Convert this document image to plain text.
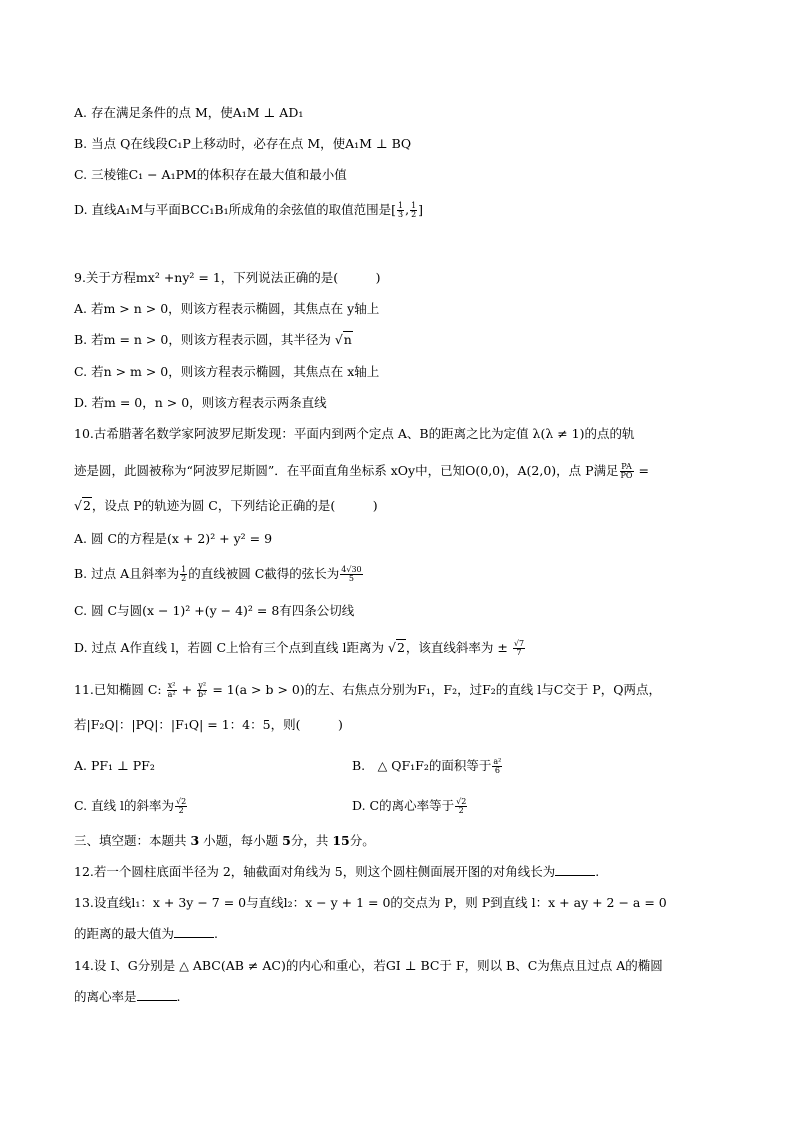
A. 存在满足条件的点 M，使A₁M ⊥ AD₁
B. 当点 Q在线段C₁P上移动时，必存在点 M，使A₁M ⊥ BQ
C. 三棱锥C₁ − A₁PM的体积存在最大值和最小值
D. 直线A₁M与平面BCC₁B₁所成角的余弦值的取值范围是[ $\frac{1}{3}$ , $\frac{1}{2}$ ]
9.关于方程mx² +ny² = 1，下列说法正确的是(　　　)
A. 若m > n > 0，则该方程表示椭圆，其焦点在 y轴上
B. 若m = n > 0，则该方程表示圆，其半径为 √n
C. 若n > m > 0，则该方程表示椭圆，其焦点在 x轴上
D. 若m = 0，n > 0，则该方程表示两条直线
10.古希腊著名数学家阿波罗尼斯发现：平面内到两个定点 A、B的距离之比为定值 λ(λ ≠ 1)的点的轨
迹是圆，此圆被称为“阿波罗尼斯圆”．在平面直角坐标系 xOy中，已知O(0,0)，A(2,0)，点 P满足 $\frac{PA}{PO}$ =
√2，设点 P的轨迹为圆 C，下列结论正确的是(　　　)
A. 圆 C的方程是(x + 2)² + y² = 9
B. 过点 A且斜率为 $\frac{1}{2}$ 的直线被圆 C截得的弦长为 $\frac{4√30}{5}$
C. 圆 C与圆(x − 1)² +(y − 4)² = 8有四条公切线
D. 过点 A作直线 l，若圆 C上恰有三个点到直线 l距离为 √2，该直线斜率为 ± $\frac{√7}{7}$
11.已知椭圆 C: $\frac{\text{x²}}{\text{a²}} + \frac{\text{y²}}{\text{b²}} = 1(a > b > 0)$的左、右焦点分别为F₁，F₂，过F₂的直线 l与C交于 P，Q两点，
若|F₂Q|：|PQ|：|F₁Q| = 1：4：5，则(　　　)
A. PF₁ ⊥ PF₂	B.　△ QF₁F₂的面积等于 $\frac{\text{a²}}{6}$
C. 直线 l的斜率为 $\frac{√2}{2}$	D. C的离心率等于 $\frac{√2}{2}$
三、填空题：本题共 3 小题，每小题 5分，共 15分。
12.若一个圆柱底面半径为 2，轴截面对角线为 5，则这个圆柱侧面展开图的对角线长为	.
13.设直线l₁：x + 3y − 7 = 0与直线l₂：x − y + 1 = 0的交点为 P，则 P到直线 l：x + ay + 2 − a = 0
的距离的最大值为	.
14.设 I、G分别是 △ ABC(AB ≠ AC)的内心和重心，若GI ⊥ BC于 F，则以 B、C为焦点且过点 A的椭圆
的离心率是	.
